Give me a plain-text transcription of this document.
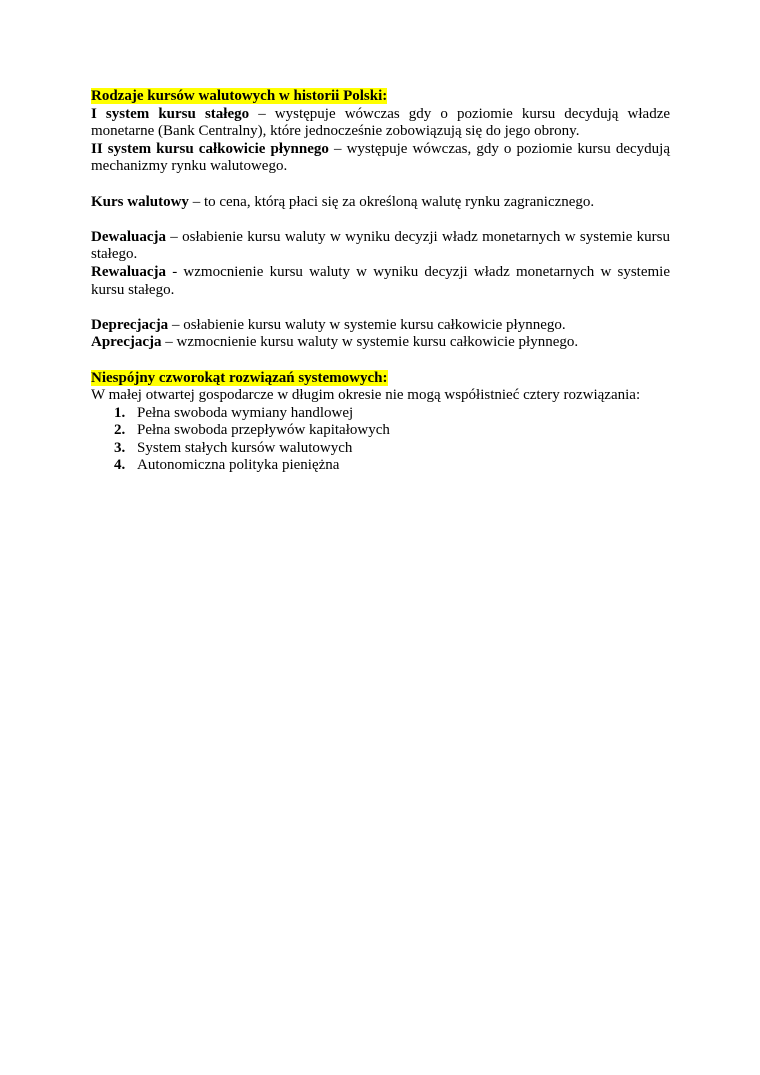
Rodzaje kursów walutowych w historii Polski:

I system kursu stałego – występuje wówczas gdy o poziomie kursu decydują władze monetarne (Bank Centralny), które jednocześnie zobowiązują się do jego obrony.

II system kursu całkowicie płynnego – występuje wówczas, gdy o poziomie kursu decydują mechanizmy rynku walutowego.

Kurs walutowy – to cena, którą płaci się za określoną walutę rynku zagranicznego.

Dewaluacja – osłabienie kursu waluty w wyniku decyzji władz monetarnych w systemie kursu stałego.

Rewaluacja - wzmocnienie kursu waluty w wyniku decyzji władz monetarnych w systemie kursu stałego.

Deprecjacja – osłabienie kursu waluty w systemie kursu całkowicie płynnego.

Aprecjacja – wzmocnienie kursu waluty w systemie kursu całkowicie płynnego.

Niespójny czworokąt rozwiązań systemowych:

W małej otwartej gospodarcze w długim okresie nie mogą współistnieć cztery rozwiązania:

1. Pełna swoboda wymiany handlowej
2. Pełna swoboda przepływów kapitałowych
3. System stałych kursów walutowych
4. Autonomiczna polityka pieniężna
